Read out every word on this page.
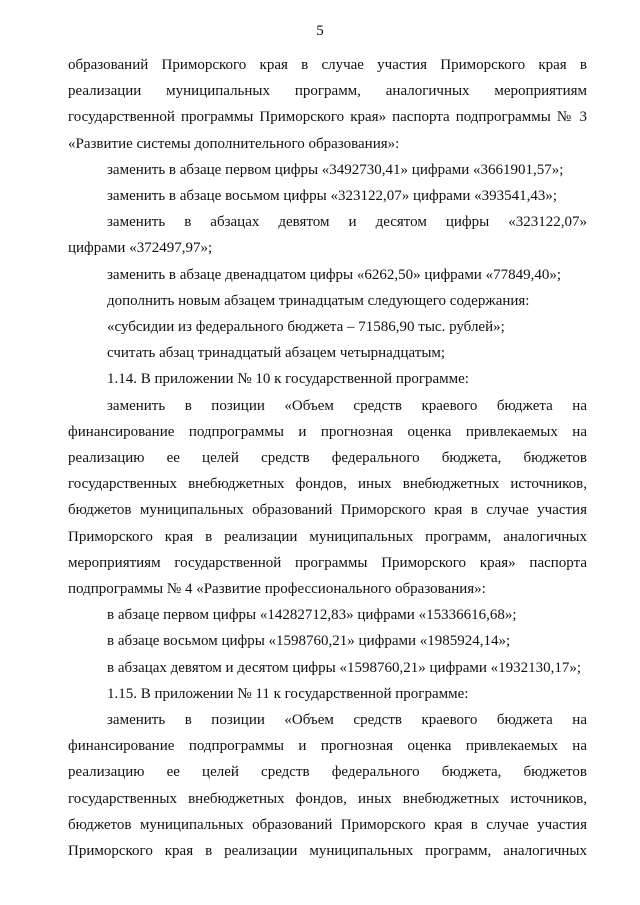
5
образований Приморского края в случае участия Приморского края в
реализации муниципальных программ, аналогичных мероприятиям
государственной программы Приморского края» паспорта подпрограммы № 3
«Развитие системы дополнительного образования»:
заменить в абзаце первом цифры «3492730,41» цифрами «3661901,57»;
заменить в абзаце восьмом цифры «323122,07» цифрами «393541,43»;
заменить в абзацах девятом и десятом цифры «323122,07»
цифрами «372497,97»;
заменить в абзаце двенадцатом цифры «6262,50» цифрами «77849,40»;
дополнить новым абзацем тринадцатым следующего содержания:
«субсидии из федерального бюджета – 71586,90 тыс. рублей»;
считать абзац тринадцатый абзацем четырнадцатым;
1.14. В приложении № 10 к государственной программе:
заменить в позиции «Объем средств краевого бюджета на
финансирование подпрограммы и прогнозная оценка привлекаемых на
реализацию ее целей средств федерального бюджета, бюджетов
государственных внебюджетных фондов, иных внебюджетных источников,
бюджетов муниципальных образований Приморского края в случае участия
Приморского края в реализации муниципальных программ, аналогичных
мероприятиям государственной программы Приморского края» паспорта
подпрограммы № 4 «Развитие профессионального образования»:
в абзаце первом цифры «14282712,83» цифрами «15336616,68»;
в абзаце восьмом цифры «1598760,21» цифрами «1985924,14»;
в абзацах девятом и десятом цифры «1598760,21» цифрами «1932130,17»;
1.15. В приложении № 11 к государственной программе:
заменить в позиции «Объем средств краевого бюджета на
финансирование подпрограммы и прогнозная оценка привлекаемых на
реализацию ее целей средств федерального бюджета, бюджетов
государственных внебюджетных фондов, иных внебюджетных источников,
бюджетов муниципальных образований Приморского края в случае участия
Приморского края в реализации муниципальных программ, аналогичных
